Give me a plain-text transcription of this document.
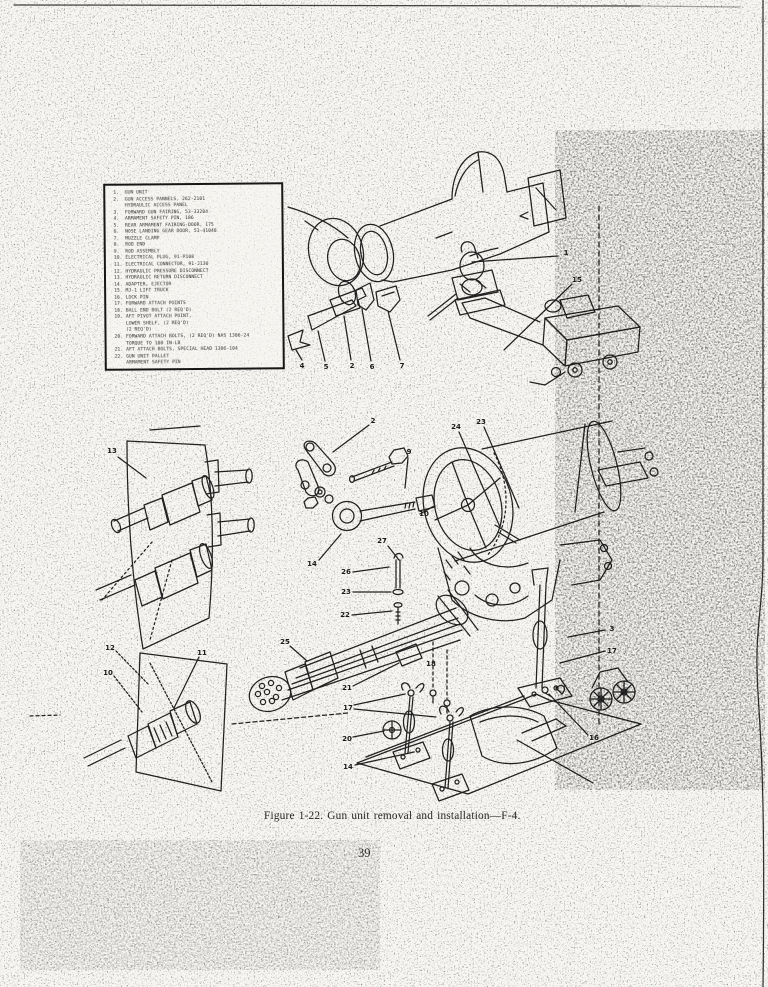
1.  GUN UNIT
2.  GUN ACCESS PANNELS, 262-2101
HYDRAULIC ACCESS PANEL
3.  FORWARD GUN FAIRING, 53-33204
4.  ARMAMENT SAFETY PIN, 186
5.  REAR ARMAMENT FAIRING-DOOR, 175
6.  NOSE LANDING GEAR DOOR, 53-41040
7.  MUZZLE CLAMP
8.  ROD END
9.  ROD ASSEMBLY
10. ELECTRICAL PLUG, 91-P108
11. ELECTRICAL CONNECTOR, 91-J130
12. HYDRAULIC PRESSURE DISCONNECT
13. HYDRAULIC RETURN DISCONNECT
14. ADAPTER, EJECTOR
15. MJ-1 LIFT TRUCK
16. LOCK PIN
17. FORWARD ATTACH POINTS
18. BALL END BOLT (2 REQ'D)
19. AFT PIVOT ATTACH POINT,
LOWER SHELF, (2 REQ'D)
(2 REQ'D)
20. FORWARD ATTACH BOLTS, (2 REQ'D) NAS 1306-24
TORQUE TO 100 IN-LB
21. AFT ATTACH BOLTS, SPECIAL HEAD 1306-104
22. GUN UNIT PALLET
ARMAMENT SAFETY PIN
1
15
4	5	2 6	7
13
2
9
24
23
10
14
27
26
23
22
25
12
11
10
3
17
18
21
17
20
14
16
Figure 1-22. Gun unit removal and installation—F-4.
39
